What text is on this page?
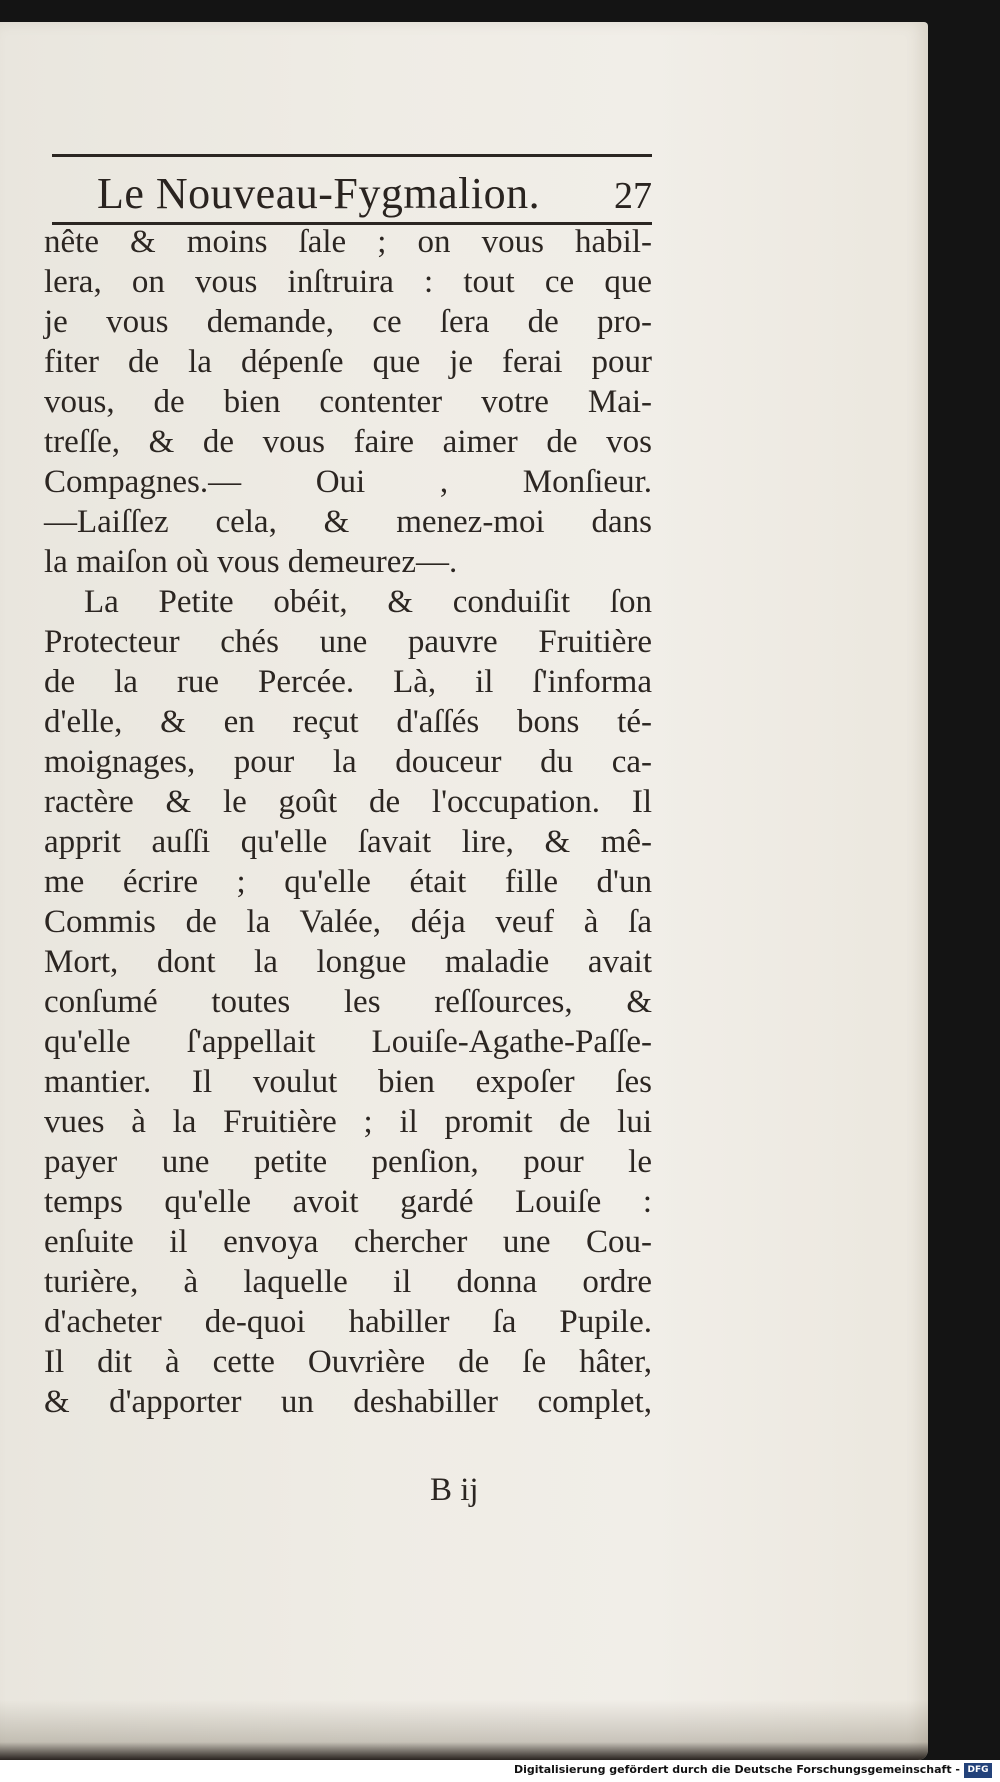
Le Nouveau-Fygmalion. 27
nête & moins ſale ; on vous habil-
lera, on vous inſtruira : tout ce que
je vous demande, ce ſera de pro-
fiter de la dépenſe que je ferai pour
vous, de bien contenter votre Mai-
treſſe, & de vous faire aimer de vos
Compagnes.— Oui , Monſieur.
—Laiſſez cela, & menez-moi dans
la maiſon où vous demeurez—.
La Petite obéit, & conduiſit ſon
Protecteur chés une pauvre Fruitière
de la rue Percée. Là, il ſ'informa
d'elle, & en reçut d'aſſés bons té-
moignages, pour la douceur du ca-
ractère & le goût de l'occupation. Il
apprit auſſi qu'elle ſavait lire, & mê-
me écrire ; qu'elle était fille d'un
Commis de la Valée, déja veuf à ſa
Mort, dont la longue maladie avait
conſumé toutes les reſſources, &
qu'elle ſ'appellait Louiſe-Agathe-Paſſe-
mantier. Il voulut bien expoſer ſes
vues à la Fruitière ; il promit de lui
payer une petite penſion, pour le
temps qu'elle avoit gardé Louiſe :
enſuite il envoya chercher une Cou-
turière, à laquelle il donna ordre
d'acheter de-quoi habiller ſa Pupile.
Il dit à cette Ouvrière de ſe hâter,
& d'apporter un deshabiller complet,
B ij
Digitalisierung gefördert durch die Deutsche Forschungsgemeinschaft - DFG
